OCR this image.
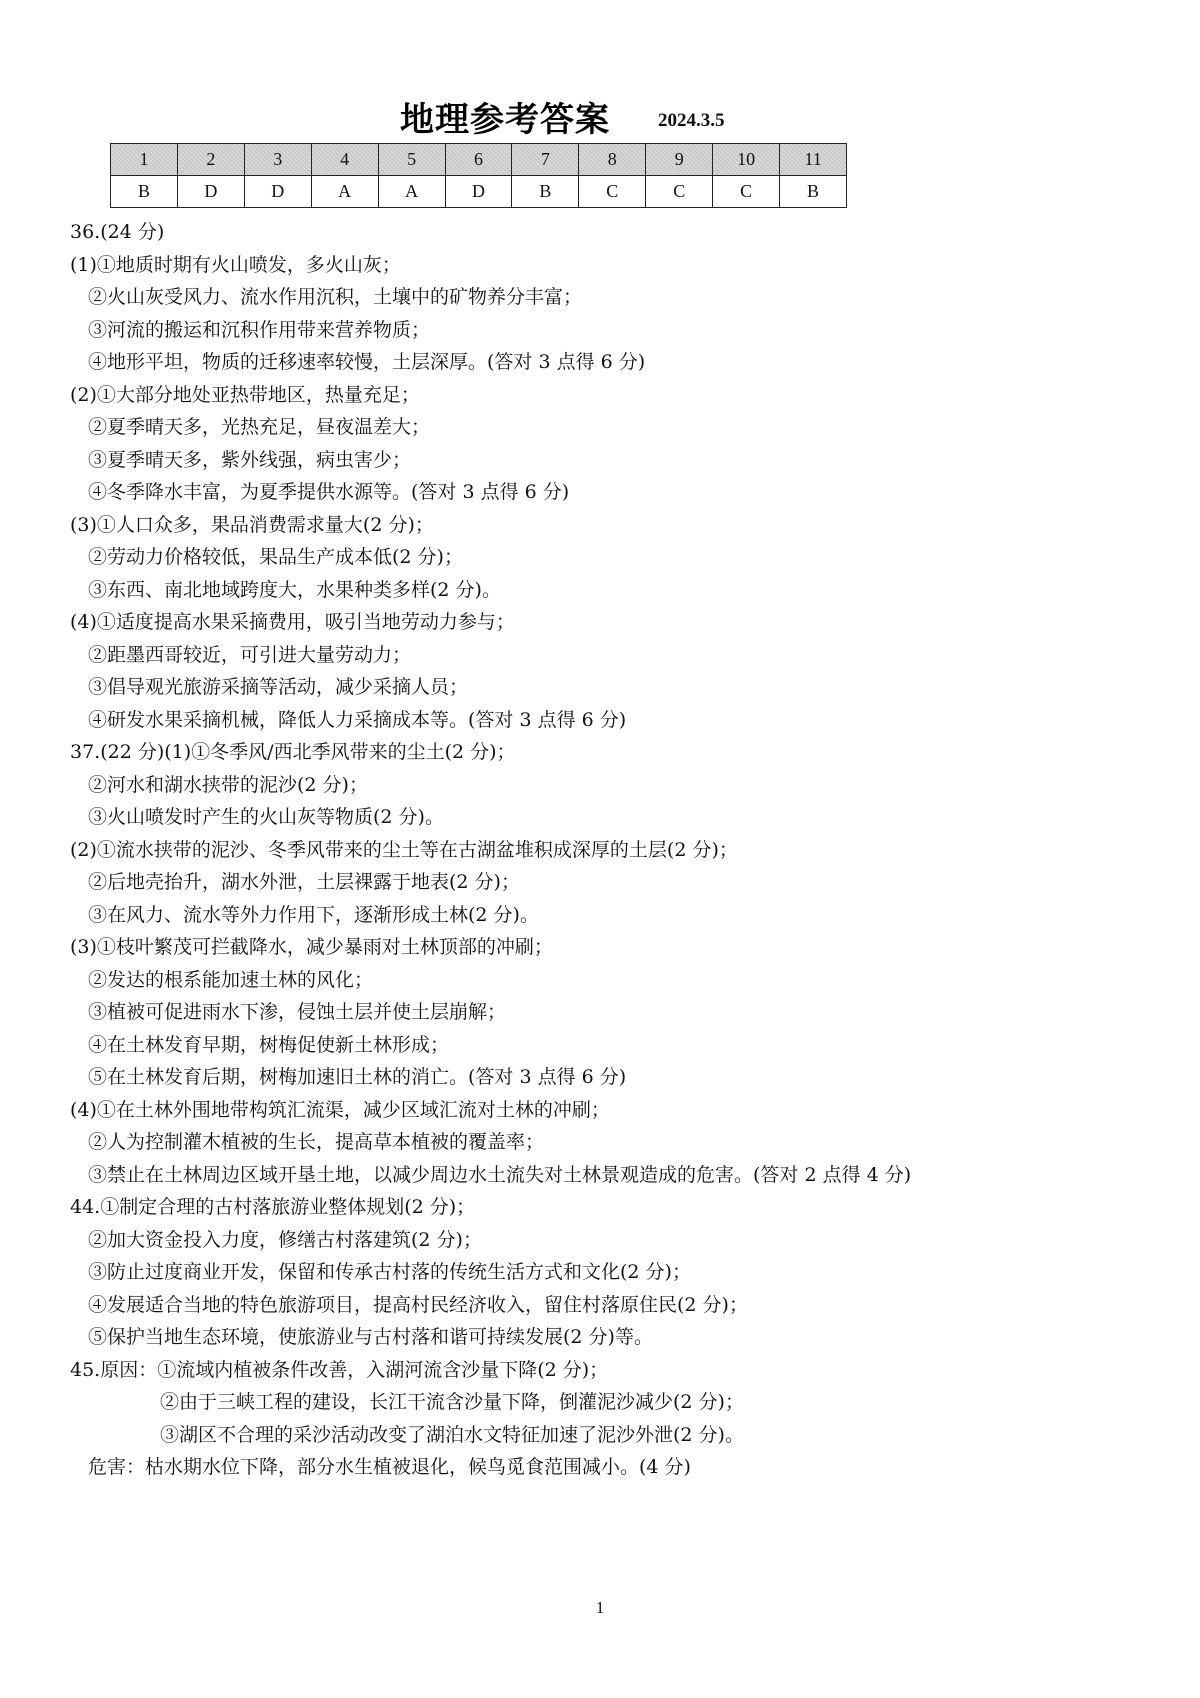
地理参考答案	2024.3.5
1	2	3	4	5	6	7	8	9	10	11
B	D	D	A	A	D	B	C	C	C	B
36.(24 分)
(1)①地质时期有火山喷发，多火山灰；
②火山灰受风力、流水作用沉积，土壤中的矿物养分丰富；
③河流的搬运和沉积作用带来营养物质；
④地形平坦，物质的迁移速率较慢，土层深厚。(答对 3 点得 6 分)
(2)①大部分地处亚热带地区，热量充足；
②夏季晴天多，光热充足，昼夜温差大；
③夏季晴天多，紫外线强，病虫害少；
④冬季降水丰富，为夏季提供水源等。(答对 3 点得 6 分)
(3)①人口众多，果品消费需求量大(2 分)；
②劳动力价格较低，果品生产成本低(2 分)；
③东西、南北地域跨度大，水果种类多样(2 分)。
(4)①适度提高水果采摘费用，吸引当地劳动力参与；
②距墨西哥较近，可引进大量劳动力；
③倡导观光旅游采摘等活动，减少采摘人员；
④研发水果采摘机械，降低人力采摘成本等。(答对 3 点得 6 分)
37.(22 分)(1)①冬季风/西北季风带来的尘土(2 分)；
②河水和湖水挟带的泥沙(2 分)；
③火山喷发时产生的火山灰等物质(2 分)。
(2)①流水挟带的泥沙、冬季风带来的尘土等在古湖盆堆积成深厚的土层(2 分)；
②后地壳抬升，湖水外泄，土层裸露于地表(2 分)；
③在风力、流水等外力作用下，逐渐形成土林(2 分)。
(3)①枝叶繁茂可拦截降水，减少暴雨对土林顶部的冲刷；
②发达的根系能加速土林的风化；
③植被可促进雨水下渗，侵蚀土层并使土层崩解；
④在土林发育早期，树梅促使新土林形成；
⑤在土林发育后期，树梅加速旧土林的消亡。(答对 3 点得 6 分)
(4)①在土林外围地带构筑汇流渠，减少区域汇流对土林的冲刷；
②人为控制灌木植被的生长，提高草本植被的覆盖率；
③禁止在土林周边区域开垦土地，以减少周边水土流失对土林景观造成的危害。(答对 2 点得 4 分)
44.①制定合理的古村落旅游业整体规划(2 分)；
②加大资金投入力度，修缮古村落建筑(2 分)；
③防止过度商业开发，保留和传承古村落的传统生活方式和文化(2 分)；
④发展适合当地的特色旅游项目，提高村民经济收入，留住村落原住民(2 分)；
⑤保护当地生态环境，使旅游业与古村落和谐可持续发展(2 分)等。
45.原因：①流域内植被条件改善，入湖河流含沙量下降(2 分)；
②由于三峡工程的建设，长江干流含沙量下降，倒灌泥沙减少(2 分)；
③湖区不合理的采沙活动改变了湖泊水文特征加速了泥沙外泄(2 分)。
危害：枯水期水位下降，部分水生植被退化，候鸟觅食范围减小。(4 分)
1
